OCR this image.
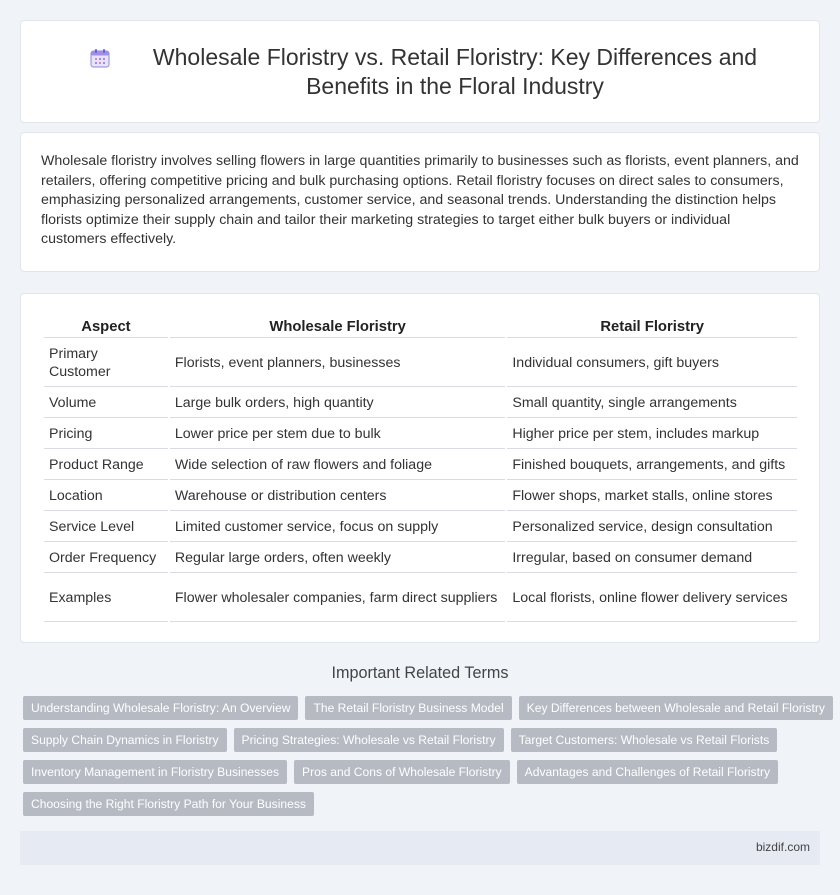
Wholesale Floristry vs. Retail Floristry: Key Differences and Benefits in the Floral Industry

Wholesale floristry involves selling flowers in large quantities primarily to businesses such as florists, event planners, and retailers, offering competitive pricing and bulk purchasing options. Retail floristry focuses on direct sales to consumers, emphasizing personalized arrangements, customer service, and seasonal trends. Understanding the distinction helps florists optimize their supply chain and tailor their marketing strategies to target either bulk buyers or individual customers effectively.

Aspect	Wholesale Floristry	Retail Floristry
Primary Customer	Florists, event planners, businesses	Individual consumers, gift buyers
Volume	Large bulk orders, high quantity	Small quantity, single arrangements
Pricing	Lower price per stem due to bulk	Higher price per stem, includes markup
Product Range	Wide selection of raw flowers and foliage	Finished bouquets, arrangements, and gifts
Location	Warehouse or distribution centers	Flower shops, market stalls, online stores
Service Level	Limited customer service, focus on supply	Personalized service, design consultation
Order Frequency	Regular large orders, often weekly	Irregular, based on consumer demand
Examples	Flower wholesaler companies, farm direct suppliers	Local florists, online flower delivery services
Important Related Terms
Understanding Wholesale Floristry: An Overview	The Retail Floristry Business Model	Key Differences between Wholesale and Retail Floristry
Supply Chain Dynamics in Floristry	Pricing Strategies: Wholesale vs Retail Floristry	Target Customers: Wholesale vs Retail Florists
Inventory Management in Floristry Businesses	Pros and Cons of Wholesale Floristry	Advantages and Challenges of Retail Floristry
Choosing the Right Floristry Path for Your Business
bizdif.com
